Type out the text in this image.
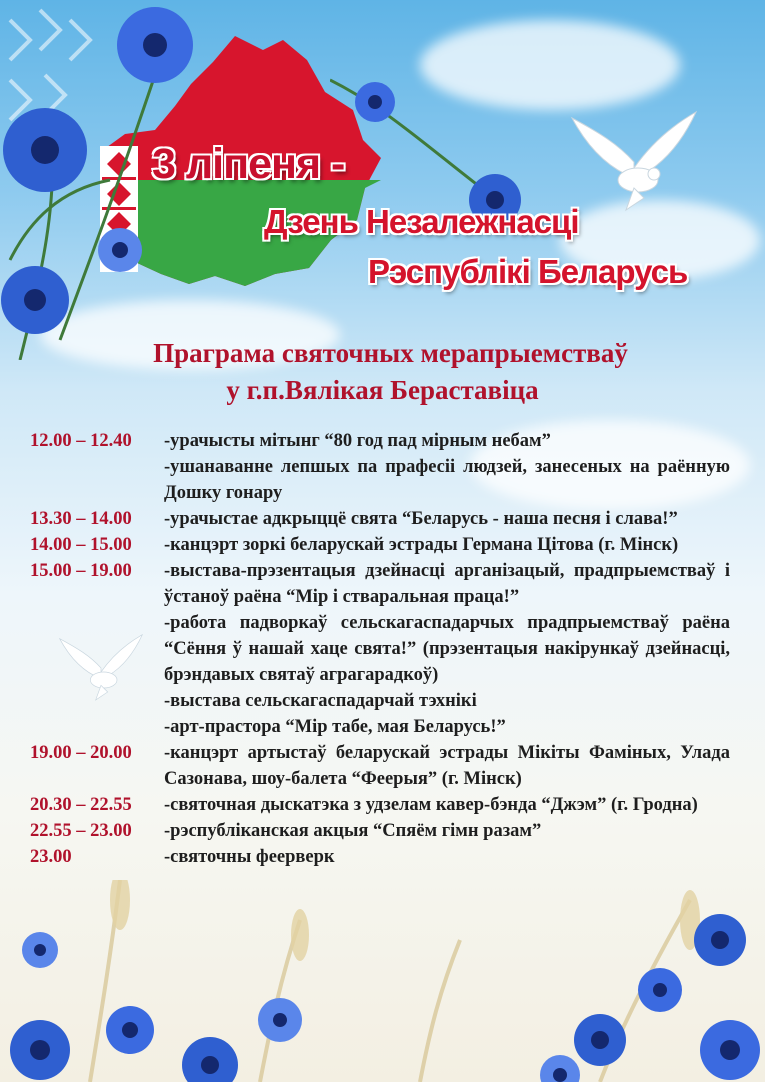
3 ліпеня -
Дзень Незалежнасці
Рэспублікі Беларусь
Праграма святочных мерапрыемстваў
у г.п.Вялікая Бераставіца
12.00 – 12.40	-урачысты мітынг “80 год пад мірным небам”
-ушанаванне лепшых па прафесіі людзей, занесеных на раённую Дошку гонару
13.30 – 14.00	-урачыстае адкрыццё свята “Беларусь - наша песня і слава!”
14.00 – 15.00	-канцэрт зоркі беларускай эстрады Германа Цітова (г. Мінск)
15.00 – 19.00	-выстава-прэзентацыя дзейнасці арганізацый, прадпрыемстваў і ўстаноў раёна “Мір і стваральная праца!”
-работа падворкаў сельскагаспадарчых прадпрыемстваў раёна “Сёння ў нашай хаце свята!” (прэзентацыя накірункаў дзейнасці, брэндавых святаў аграгарадкоў)
-выстава сельскагаспадарчай тэхнікі
-арт-прастора “Мір табе, мая Беларусь!”
19.00 – 20.00	-канцэрт артыстаў беларускай эстрады Мікіты Фаміных, Улада Сазонава, шоу-балета “Феерыя” (г. Мінск)
20.30 – 22.55	-святочная дыскатэка з удзелам кавер-бэнда “Джэм” (г. Гродна)
22.55 – 23.00	-рэспубліканская акцыя “Спяём гімн разам”
23.00	-святочны феерверк
